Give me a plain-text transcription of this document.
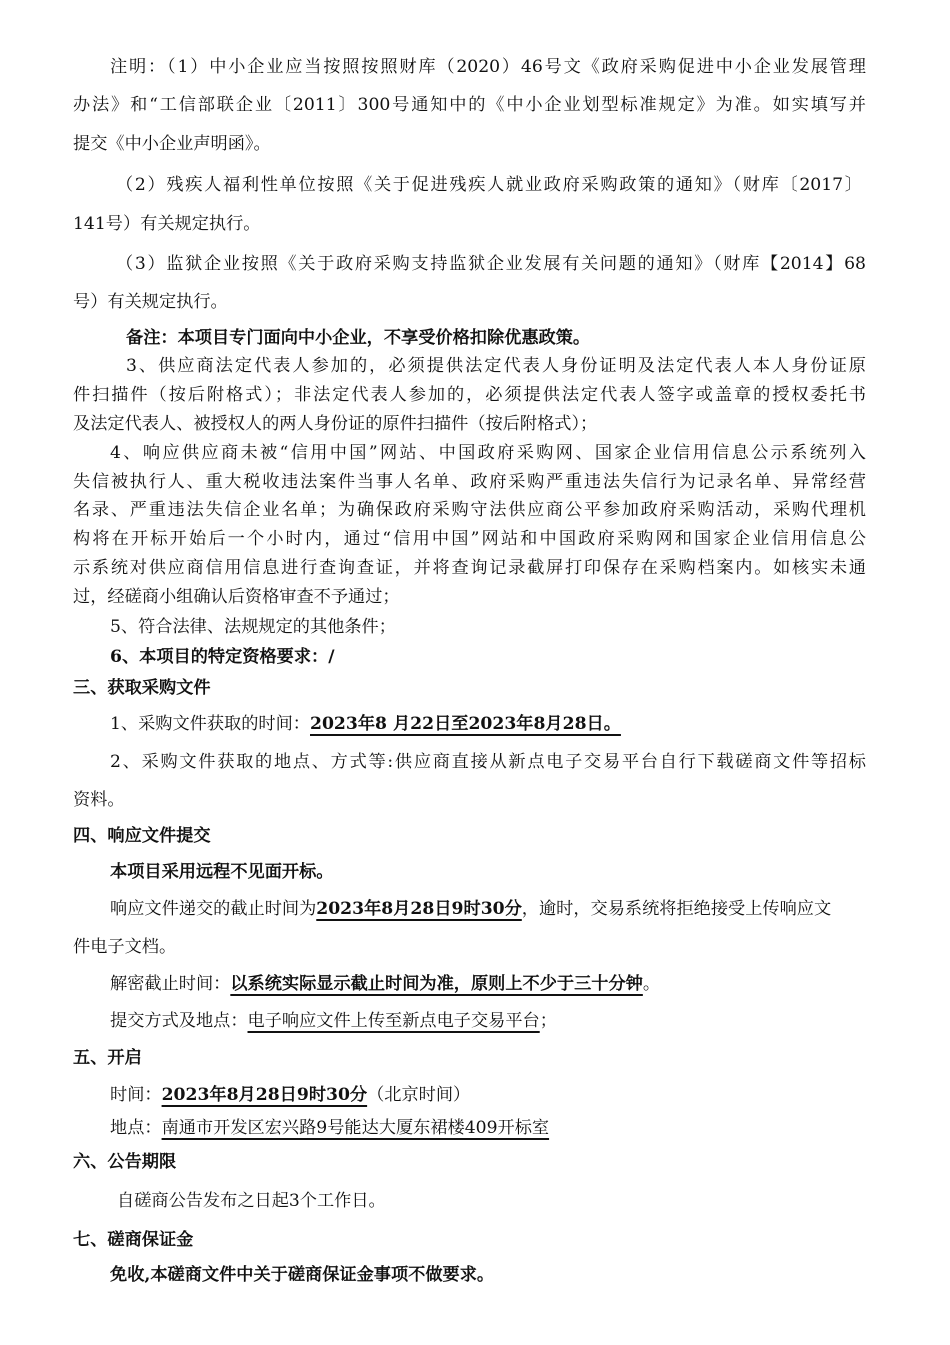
注明：（1）中小企业应当按照按照财库（2020）46号文《政府采购促进中小企业发展管理
办法》和“工信部联企业〔2011〕300号通知中的《中小企业划型标准规定》为准。如实填写并
提交《中小企业声明函》。
（2）残疾人福利性单位按照《关于促进残疾人就业政府采购政策的通知》（财库〔2017〕
141号）有关规定执行。
（3）监狱企业按照《关于政府采购支持监狱企业发展有关问题的通知》（财库【2014】68
号）有关规定执行。
备注：本项目专门面向中小企业，不享受价格扣除优惠政策。
3、供应商法定代表人参加的，必须提供法定代表人身份证明及法定代表人本人身份证原
件扫描件（按后附格式）；非法定代表人参加的，必须提供法定代表人签字或盖章的授权委托书
及法定代表人、被授权人的两人身份证的原件扫描件（按后附格式）；
4、响应供应商未被“信用中国”网站、中国政府采购网、国家企业信用信息公示系统列入
失信被执行人、重大税收违法案件当事人名单、政府采购严重违法失信行为记录名单、异常经营
名录、严重违法失信企业名单；为确保政府采购守法供应商公平参加政府采购活动，采购代理机
构将在开标开始后一个小时内，通过“信用中国”网站和中国政府采购网和国家企业信用信息公
示系统对供应商信用信息进行查询查证，并将查询记录截屏打印保存在采购档案内。如核实未通
过，经磋商小组确认后资格审查不予通过；
5、符合法律、法规规定的其他条件；
6、本项目的特定资格要求：/
三、获取采购文件
1、采购文件获取的时间：2023年8 月22日至2023年8月28日。
2、采购文件获取的地点、方式等:供应商直接从新点电子交易平台自行下载磋商文件等招标
资料。
四、响应文件提交
本项目采用远程不见面开标。
响应文件递交的截止时间为2023年8月28日9时30分，逾时，交易系统将拒绝接受上传响应文
件电子文档。
解密截止时间：以系统实际显示截止时间为准，原则上不少于三十分钟。
提交方式及地点：电子响应文件上传至新点电子交易平台；
五、开启
时间：2023年8月28日9时30分（北京时间）
地点：南通市开发区宏兴路9号能达大厦东裙楼409开标室
六、公告期限
自磋商公告发布之日起3个工作日。
七、磋商保证金
免收,本磋商文件中关于磋商保证金事项不做要求。
